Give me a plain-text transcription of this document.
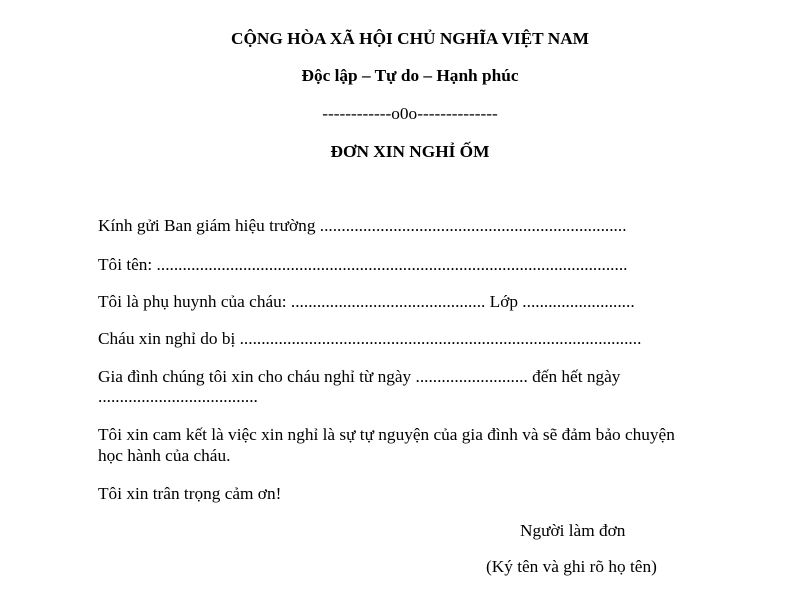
CỘNG HÒA XÃ HỘI CHỦ NGHĨA VIỆT NAM
Độc lập – Tự do – Hạnh phúc
------------o0o--------------
ĐƠN XIN NGHỈ ỐM
Kính gửi Ban giám hiệu trường .......................................................................
Tôi tên: .............................................................................................................
Tôi là phụ huynh của cháu: ............................................. Lớp ..........................
Cháu xin nghỉ do bị .............................................................................................
Gia đình chúng tôi xin cho cháu nghỉ từ ngày .......................... đến hết ngày
.....................................
Tôi xin cam kết là việc xin nghỉ là sự tự nguyện của gia đình và sẽ đảm bảo chuyện
học hành của cháu.
Tôi xin trân trọng cảm ơn!
Người làm đơn
(Ký tên và ghi rõ họ tên)
